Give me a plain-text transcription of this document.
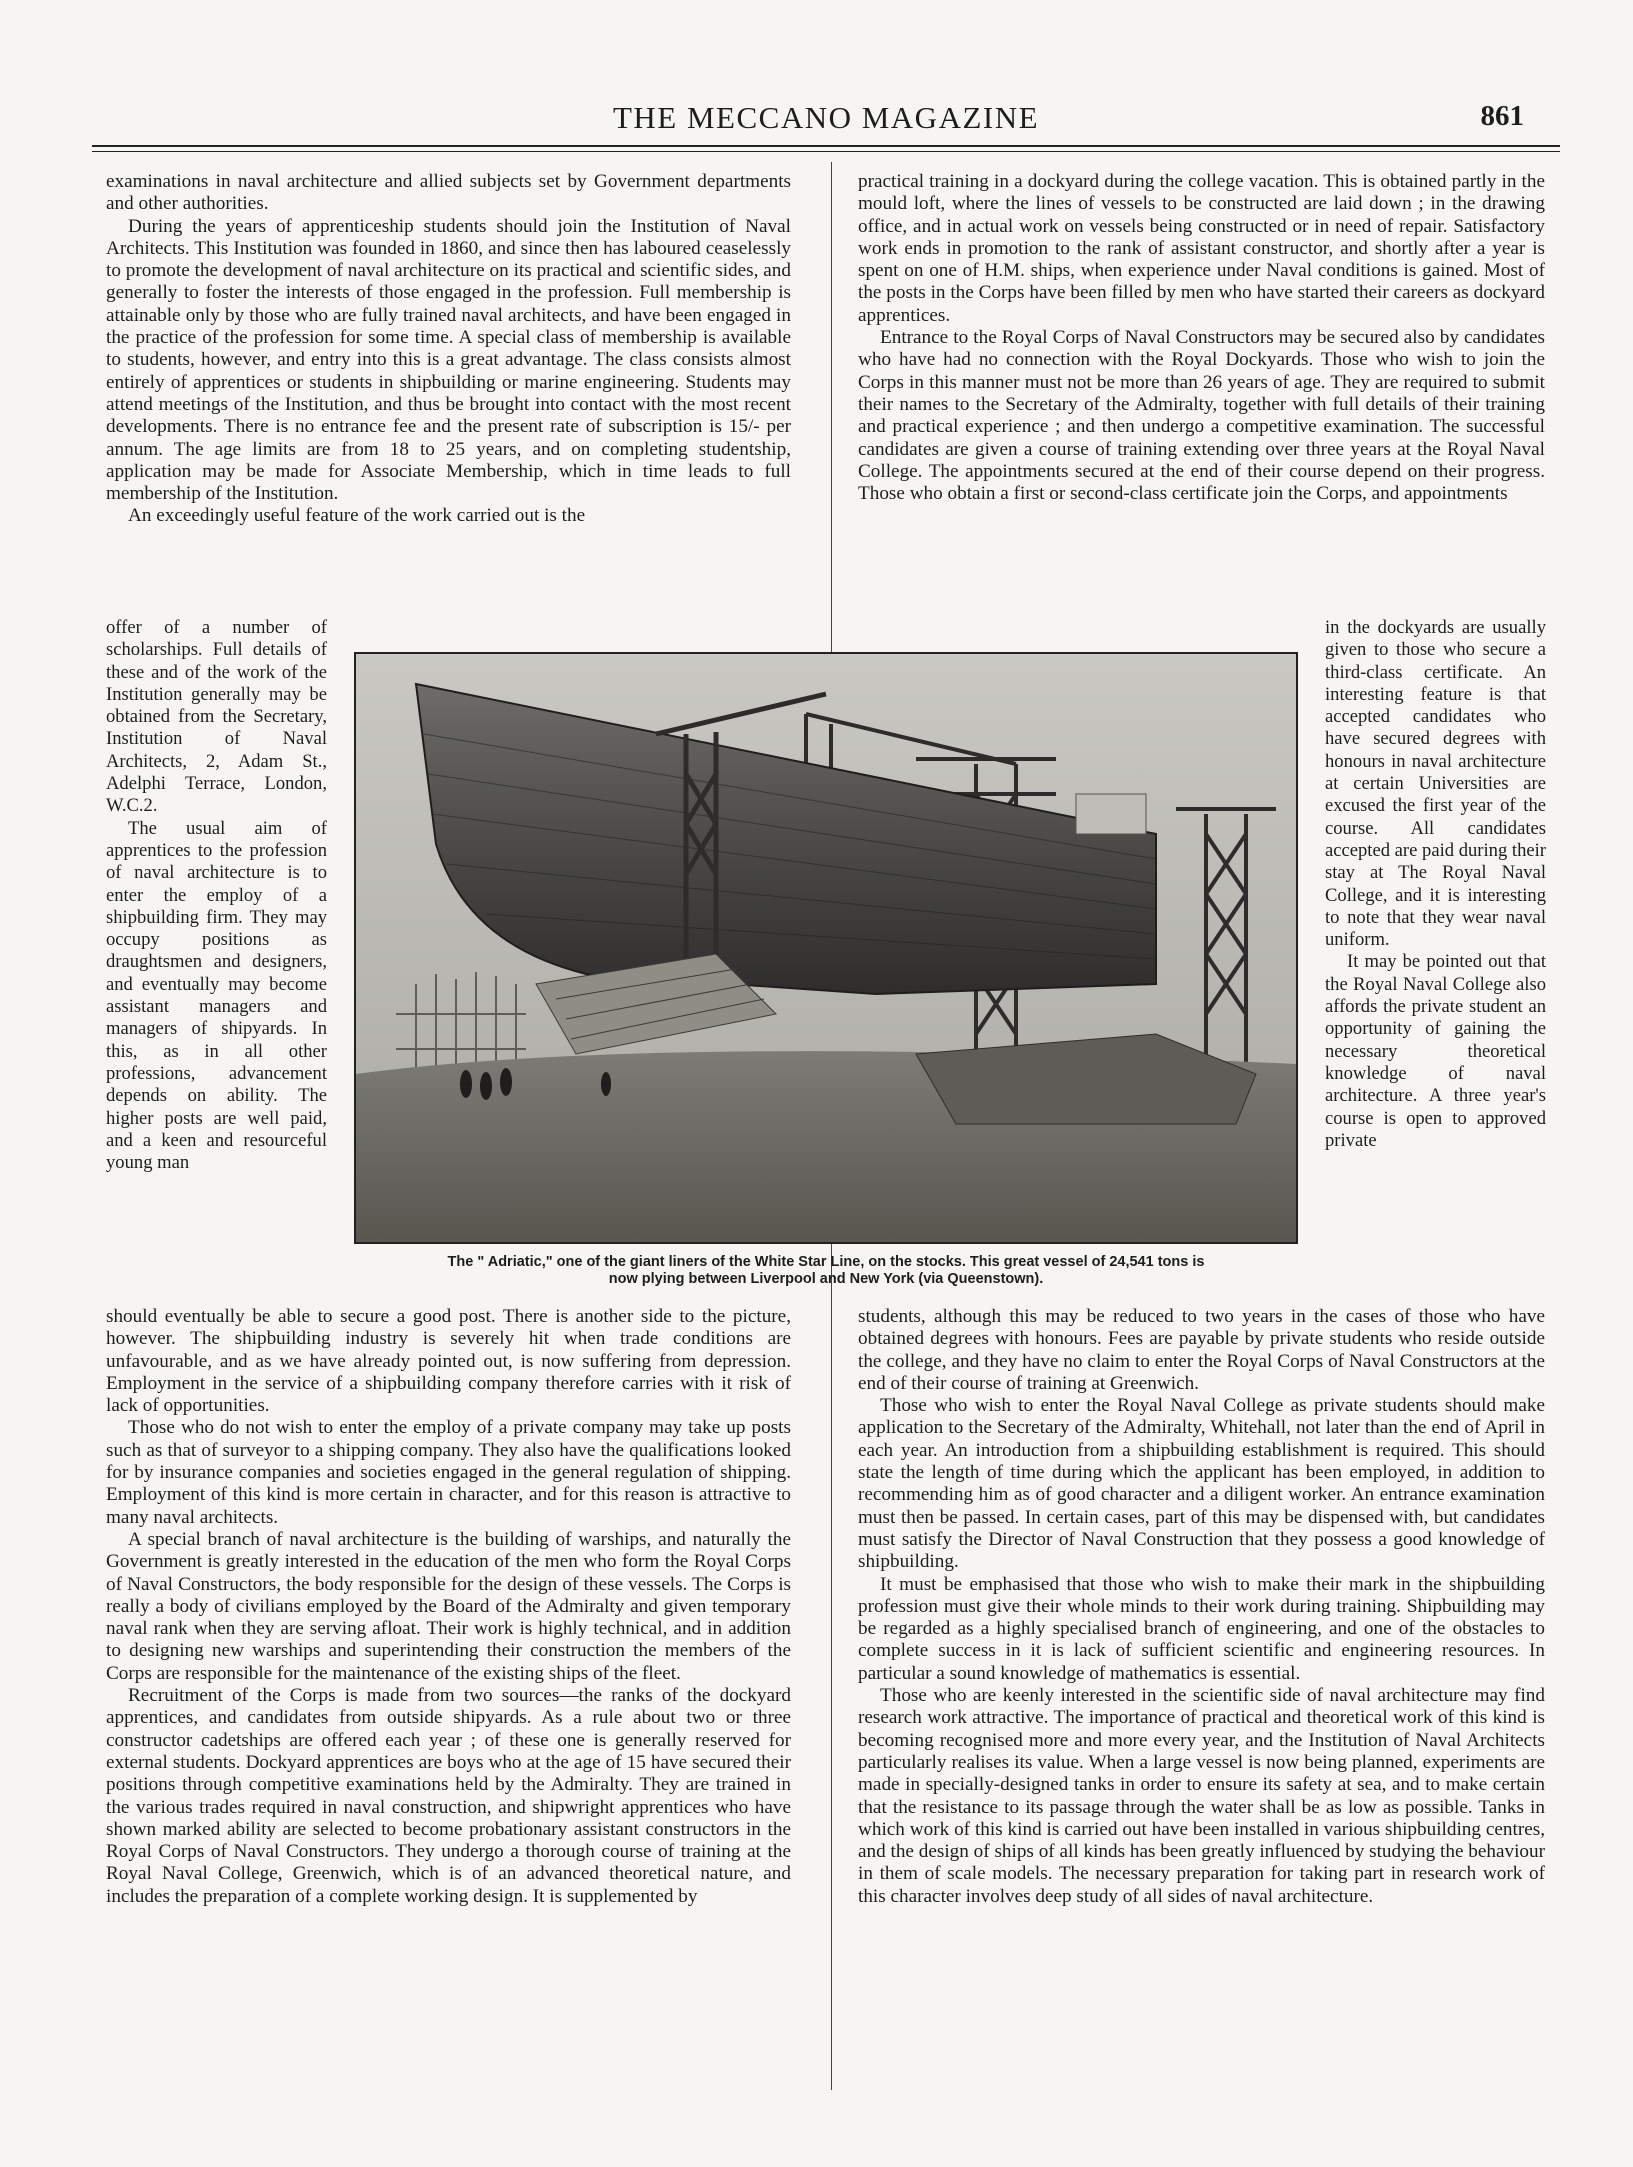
THE MECCANO MAGAZINE	861

examinations in naval architecture and allied subjects set by Government departments and other authorities.

During the years of apprenticeship students should join the Institution of Naval Architects. This Institution was founded in 1860, and since then has laboured ceaselessly to promote the development of naval architecture on its practical and scientific sides, and generally to foster the interests of those engaged in the profession. Full membership is attainable only by those who are fully trained naval architects, and have been engaged in the practice of the profession for some time. A special class of membership is available to students, however, and entry into this is a great advantage. The class consists almost entirely of apprentices or students in shipbuilding or marine engineering. Students may attend meetings of the Institution, and thus be brought into contact with the most recent developments. There is no entrance fee and the present rate of subscription is 15/- per annum. The age limits are from 18 to 25 years, and on completing studentship, application may be made for Associate Membership, which in time leads to full membership of the Institution.

An exceedingly useful feature of the work carried out is the

offer of a number of scholarships. Full details of these and of the work of the Institution generally may be obtained from the Secretary, Institution of Naval Architects, 2, Adam St., Adelphi Terrace, London, W.C.2.

The usual aim of apprentices to the profession of naval architecture is to enter the employ of a shipbuilding firm. They may occupy positions as draughtsmen and designers, and eventually may become assistant managers and managers of shipyards. In this, as in all other professions, advancement depends on ability. The higher posts are well paid, and a keen and resourceful young man

should eventually be able to secure a good post. There is another side to the picture, however. The shipbuilding industry is severely hit when trade conditions are unfavourable, and as we have already pointed out, is now suffering from depression. Employment in the service of a shipbuilding company therefore carries with it risk of lack of opportunities.

Those who do not wish to enter the employ of a private company may take up posts such as that of surveyor to a shipping company. They also have the qualifications looked for by insurance companies and societies engaged in the general regulation of shipping. Employment of this kind is more certain in character, and for this reason is attractive to many naval architects.

A special branch of naval architecture is the building of warships, and naturally the Government is greatly interested in the education of the men who form the Royal Corps of Naval Constructors, the body responsible for the design of these vessels. The Corps is really a body of civilians employed by the Board of the Admiralty and given temporary naval rank when they are serving afloat. Their work is highly technical, and in addition to designing new warships and superintending their construction the members of the Corps are responsible for the maintenance of the existing ships of the fleet.

Recruitment of the Corps is made from two sources—the ranks of the dockyard apprentices, and candidates from outside shipyards. As a rule about two or three constructor cadetships are offered each year ; of these one is generally reserved for external students. Dockyard apprentices are boys who at the age of 15 have secured their positions through competitive examinations held by the Admiralty. They are trained in the various trades required in naval construction, and shipwright apprentices who have shown marked ability are selected to become probationary assistant constructors in the Royal Corps of Naval Constructors. They undergo a thorough course of training at the Royal Naval College, Greenwich, which is of an advanced theoretical nature, and includes the preparation of a complete working design. It is supplemented by

practical training in a dockyard during the college vacation. This is obtained partly in the mould loft, where the lines of vessels to be constructed are laid down ; in the drawing office, and in actual work on vessels being constructed or in need of repair. Satisfactory work ends in promotion to the rank of assistant constructor, and shortly after a year is spent on one of H.M. ships, when experience under Naval conditions is gained. Most of the posts in the Corps have been filled by men who have started their careers as dockyard apprentices.

Entrance to the Royal Corps of Naval Constructors may be secured also by candidates who have had no connection with the Royal Dockyards. Those who wish to join the Corps in this manner must not be more than 26 years of age. They are required to submit their names to the Secretary of the Admiralty, together with full details of their training and practical experience ; and then undergo a competitive examination. The successful candidates are given a course of training extending over three years at the Royal Naval College. The appointments secured at the end of their course depend on their progress. Those who obtain a first or second-class certificate join the Corps, and appointments

in the dockyards are usually given to those who secure a third-class certificate. An interesting feature is that accepted candidates who have secured degrees with honours in naval architecture at certain Universities are excused the first year of the course. All candidates accepted are paid during their stay at The Royal Naval College, and it is interesting to note that they wear naval uniform.

It may be pointed out that the Royal Naval College also affords the private student an opportunity of gaining the necessary theoretical knowledge of naval architecture. A three year's course is open to approved private

students, although this may be reduced to two years in the cases of those who have obtained degrees with honours. Fees are payable by private students who reside outside the college, and they have no claim to enter the Royal Corps of Naval Constructors at the end of their course of training at Greenwich.

Those who wish to enter the Royal Naval College as private students should make application to the Secretary of the Admiralty, Whitehall, not later than the end of April in each year. An introduction from a shipbuilding establishment is required. This should state the length of time during which the applicant has been employed, in addition to recommending him as of good character and a diligent worker. An entrance examination must then be passed. In certain cases, part of this may be dispensed with, but candidates must satisfy the Director of Naval Construction that they possess a good knowledge of shipbuilding.

It must be emphasised that those who wish to make their mark in the shipbuilding profession must give their whole minds to their work during training. Shipbuilding may be regarded as a highly specialised branch of engineering, and one of the obstacles to complete success in it is lack of sufficient scientific and engineering resources. In particular a sound knowledge of mathematics is essential.

Those who are keenly interested in the scientific side of naval architecture may find research work attractive. The importance of practical and theoretical work of this kind is becoming recognised more and more every year, and the Institution of Naval Architects particularly realises its value. When a large vessel is now being planned, experiments are made in specially-designed tanks in order to ensure its safety at sea, and to make certain that the resistance to its passage through the water shall be as low as possible. Tanks in which work of this kind is carried out have been installed in various shipbuilding centres, and the design of ships of all kinds has been greatly influenced by studying the behaviour in them of scale models. The necessary preparation for taking part in research work of this character involves deep study of all sides of naval architecture.

The " Adriatic," one of the giant liners of the White Star Line, on the stocks. This great vessel of 24,541 tons is
now plying between Liverpool and New York (via Queenstown).
